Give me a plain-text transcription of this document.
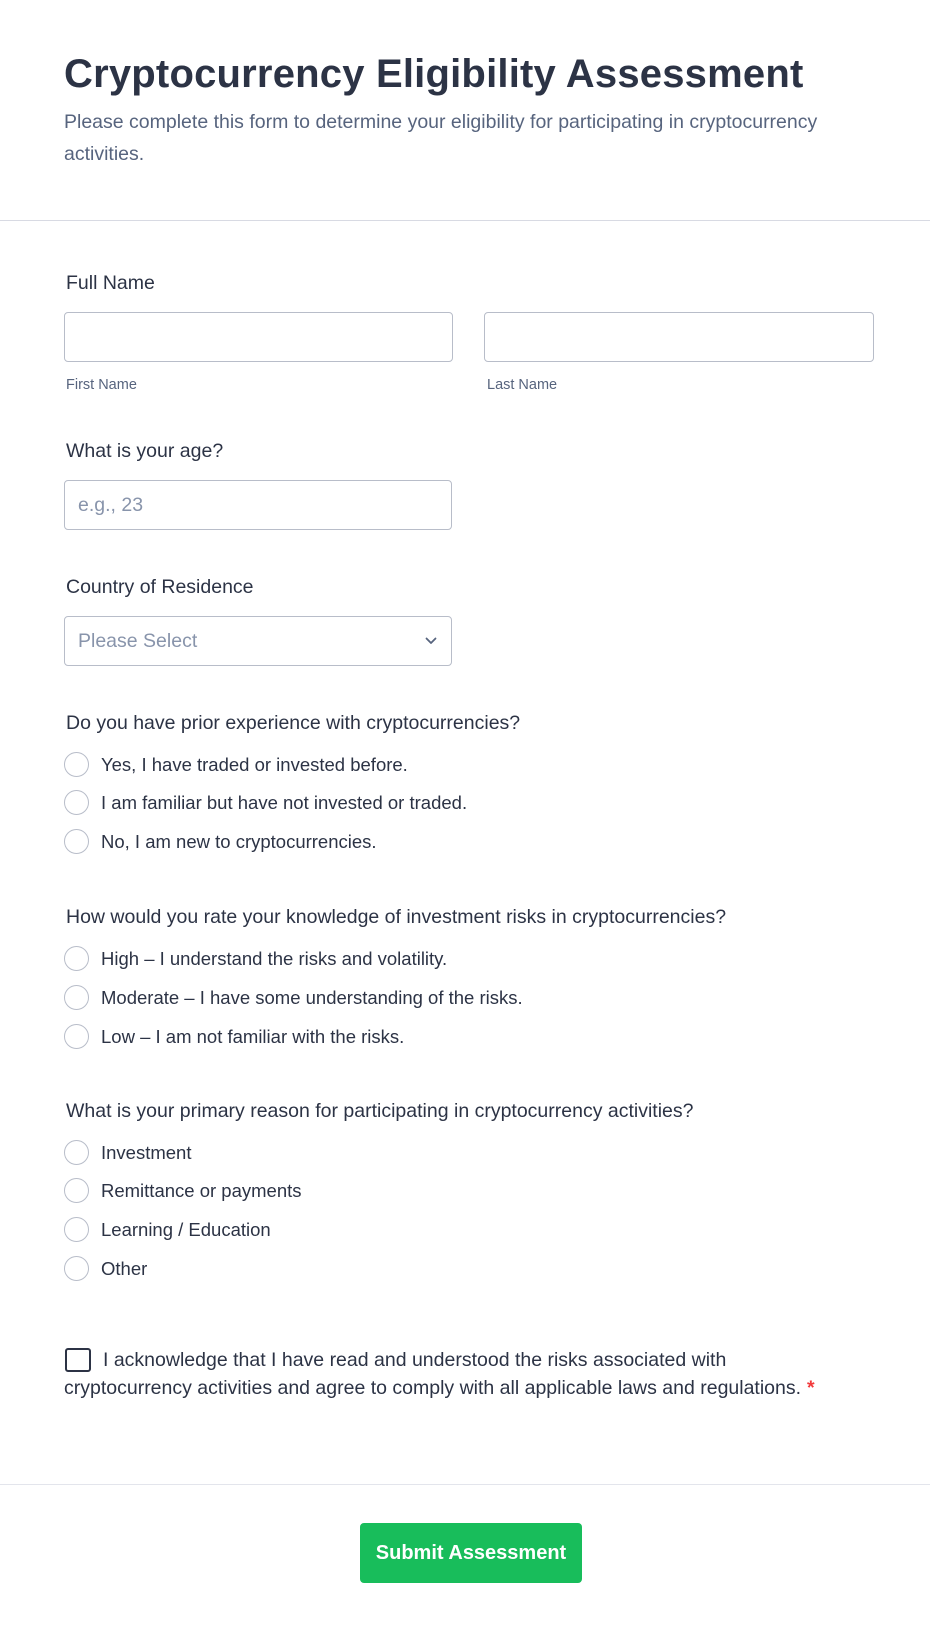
Cryptocurrency Eligibility Assessment

Please complete this form to determine your eligibility for participating in cryptocurrency activities.

Full Name
First Name	Last Name
What is your age?
e.g., 23
Country of Residence
Please Select
Do you have prior experience with cryptocurrencies?
Yes, I have traded or invested before.
I am familiar but have not invested or traded.
No, I am new to cryptocurrencies.
How would you rate your knowledge of investment risks in cryptocurrencies?
High – I understand the risks and volatility.
Moderate – I have some understanding of the risks.
Low – I am not familiar with the risks.
What is your primary reason for participating in cryptocurrency activities?
Investment
Remittance or payments
Learning / Education
Other
I acknowledge that I have read and understood the risks associated with cryptocurrency activities and agree to comply with all applicable laws and regulations. *
Submit Assessment
